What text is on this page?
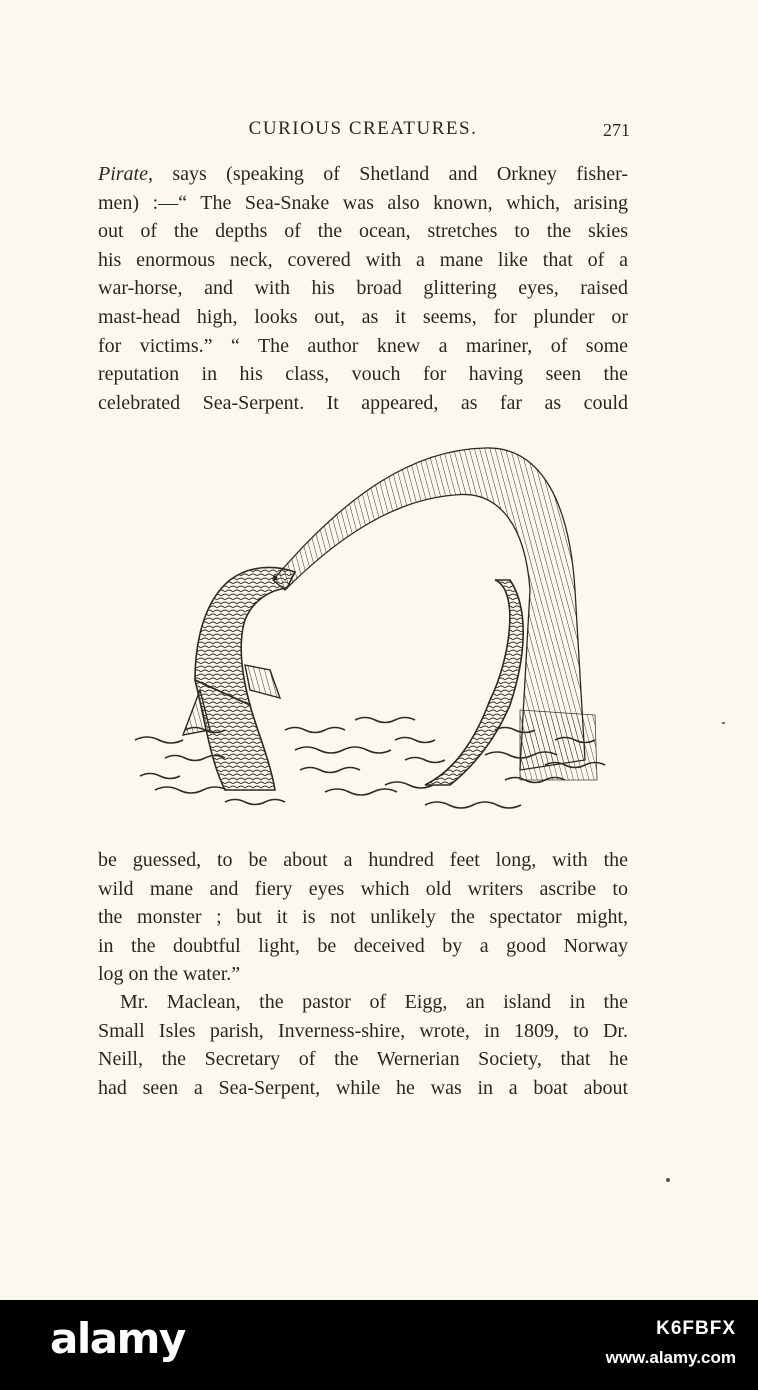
CURIOUS CREATURES.	271
Pirate, says (speaking of Shetland and Orkney fisher-
men) :—“ The Sea-Snake was also known, which, arising
out of the depths of the ocean, stretches to the skies
his enormous neck, covered with a mane like that of a
war-horse, and with his broad glittering eyes, raised
mast-head high, looks out, as it seems, for plunder or
for victims.” “ The author knew a mariner, of some
reputation in his class, vouch for having seen the
celebrated Sea-Serpent. It appeared, as far as could
be guessed, to be about a hundred feet long, with the
wild mane and fiery eyes which old writers ascribe to
the monster ; but it is not unlikely the spectator might,
in the doubtful light, be deceived by a good Norway
log on the water.”
Mr. Maclean, the pastor of Eigg, an island in the
Small Isles parish, Inverness-shire, wrote, in 1809, to Dr.
Neill, the Secretary of the Wernerian Society, that he
had seen a Sea-Serpent, while he was in a boat about
alamy	K6FBFX
www.alamy.com
